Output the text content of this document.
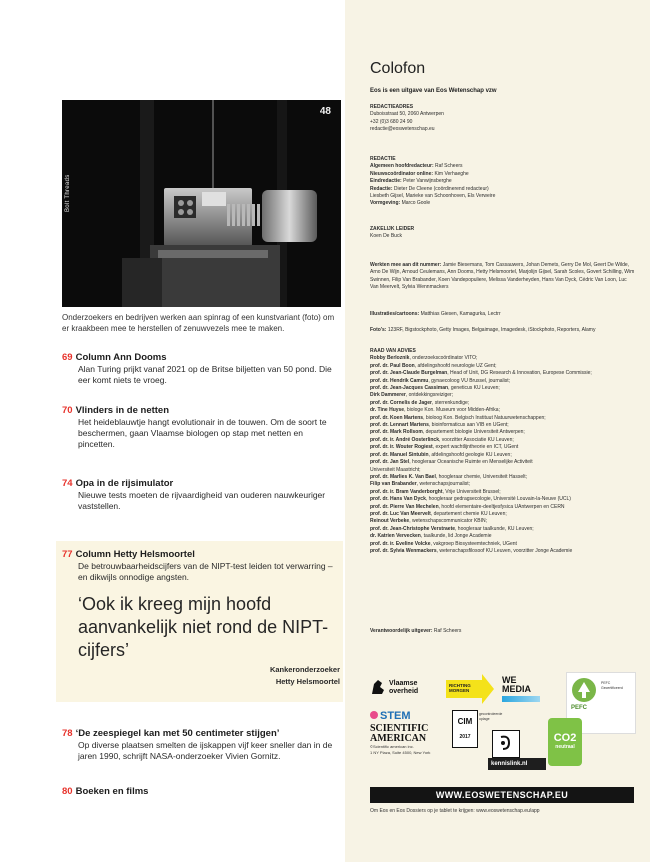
Bolt Threads
48
Onderzoekers en bedrijven werken aan spinrag of een kunstvariant (foto) om er kraakbeen mee te herstellen of zenuwvezels mee te maken.
69 Column Ann Dooms
Alan Turing prijkt vanaf 2021 op de Britse biljetten van 50 pond. Die eer komt niets te vroeg.
70 Vlinders in de netten
Het heideblauwtje hangt evolutionair in de touwen. Om de soort te beschermen, gaan Vlaamse biologen op stap met netten en pincetten.
74 Opa in de rijsimulator
Nieuwe tests moeten de rijvaardigheid van ouderen nauwkeuriger vaststellen.
77 Column Hetty Helsmoortel
De betrouwbaarheidscijfers van de NIPT-test leiden tot verwarring – en dikwijls onnodige angsten.
‘Ook ik kreeg mijn hoofd aanvankelijk niet rond de NIPT-cijfers’
Kankeronderzoeker
Hetty Helsmoortel
78 ‘De zeespiegel kan met 50 centimeter stijgen’
Op diverse plaatsen smelten de ijskappen vijf keer sneller dan in de jaren 1990, schrijft NASA-onderzoeker Vivien Gornitz.
80 Boeken en films
Colofon
Eos is een uitgave van Eos Wetenschap vzw
REDACTIEADRES
Duboisstraat 50, 2060 Antwerpen
+32 (0)3 680 24 90
redactie@eoswetenschap.eu
REDACTIE
Algemeen hoofdredacteur: Raf Scheers
Nieuwscoördinator online: Kim Verhaeghe
Eindredactie: Peter Vanwijnsberghe
Redactie: Dieter De Cleene (coördinerend redacteur)
Liesbeth Gijsel, Marieke van Schoonhoven, Els Verweire
Vormgeving: Marco Goole
ZAKELIJK LEIDER
Koen De Buck
Werkten mee aan dit nummer: Jamie Biesemans, Tom Cassauwers, Johan Demets, Gerry De Mol, Geert De Wilde, Arno De Wijn, Arnoud Ceulemans, Ann Dooms, Hetty Helsmoortel, Marjolijn Gijsel, Sarah Scoles, Govert Schilling, Wim Swinnen, Filip Van Brabander, Koen Vandepopuliere, Melissa Vanderheyden, Hans Van Dyck, Cédric Van Loon, Luc Van Meervelt, Sylvia Wennmackers
Illustraties/cartoons: Matthias Giesen, Kamagurka, Lectrr
Foto's: 123RF, Bigstockphoto, Getty Images, Belgaimage, Imagedesk, iStockphoto, Reporters, Alamy
RAAD VAN ADVIES
Robby Berloznik, onderzoekscoördinator VITO;
prof. dr. Paul Boon, afdelingshoofd neurologie UZ Gent;
prof. dr. Jean-Claude Burgelman, Head of Unit, DG Research & Innovation, Europese Commissie;
prof. dr. Hendrik Cammu, gynaecoloog VU Brussel, journalist;
prof. dr. Jean-Jacques Cassiman, geneticus KU Leuven;
Dirk Dammerer, ontdekkingsreiziger;
prof. dr. Cornelis de Jager, sterrenkundige;
dr. Tine Huyse, biologe Kon. Museum voor Midden-Afrika;
prof. dr. Koen Martens, bioloog Kon. Belgisch Instituut Natuurwetenschappen;
prof. dr. Lennart Martens, bioinformaticus aan VIB en UGent;
prof. dr. Mark Rollsom, departement biologie Universiteit Antwerpen;
prof. dr. ir. André Oosterlinck, voorzitter Associatie KU Leuven;
prof. dr. ir. Wouter Rogiest, expert wachtlijntheorie en ICT, UGent
prof. dr. Manuel Sintubin, afdelingshoofd geologie KU Leuven;
prof. dr. Jan Stel, hoogleraar Oceanische Ruimte en Menselijke Activiteit
Universiteit Maastricht;
prof. dr. Marlies K. Van Bael, hoogleraar chemie, Universiteit Hasselt;
Filip van Brabander, wetenschapsjournalist;
prof. dr. ir. Bram Vanderborght, Vrije Universiteit Brussel;
prof. dr. Hans Van Dyck, hoogleraar gedragsecologie, Université Louvain-la-Neuve (UCL)
prof. dr. Pierre Van Mechelen, hoofd elementaire-deeltjesfysica UAntwerpen en CERN
prof. dr. Luc Van Meervelt, departement chemie KU Leuven;
Reinout Verbeke, wetenschapscommunicator KBIN;
prof. dr. Jean-Christophe Verstraete, hoogleraar taalkunde, KU Leuven;
dr. Katrien Vervecken, taalkunde, lid Jonge Academie
prof. dr. ir. Eveline Volcke, vakgroep Biosysteemtechniek, UGent
prof. dr. Sylvia Wenmackers, wetenschapsfilosoof KU Leuven, voorzitter Jonge Academie
Verantwoordelijk uitgever: Raf Scheers
Vlaamse
overheid
RICHTING MORGEN
WE
MEDIA
PEFC
PEFC Gecertificeerd
STEM
SCIENTIFIC
AMERICAN
©Scientific american inc.
1 NY Plaza, Suite 4500, New York
CIM
2017
gecontroleerde oplage
kennislink.nl
CO2
neutraal
WWW.EOSWETENSCHAP.EU
Om Eos en Eos Dossiers op je tablet te krijgen: www.eoswetenschap.eu/app
